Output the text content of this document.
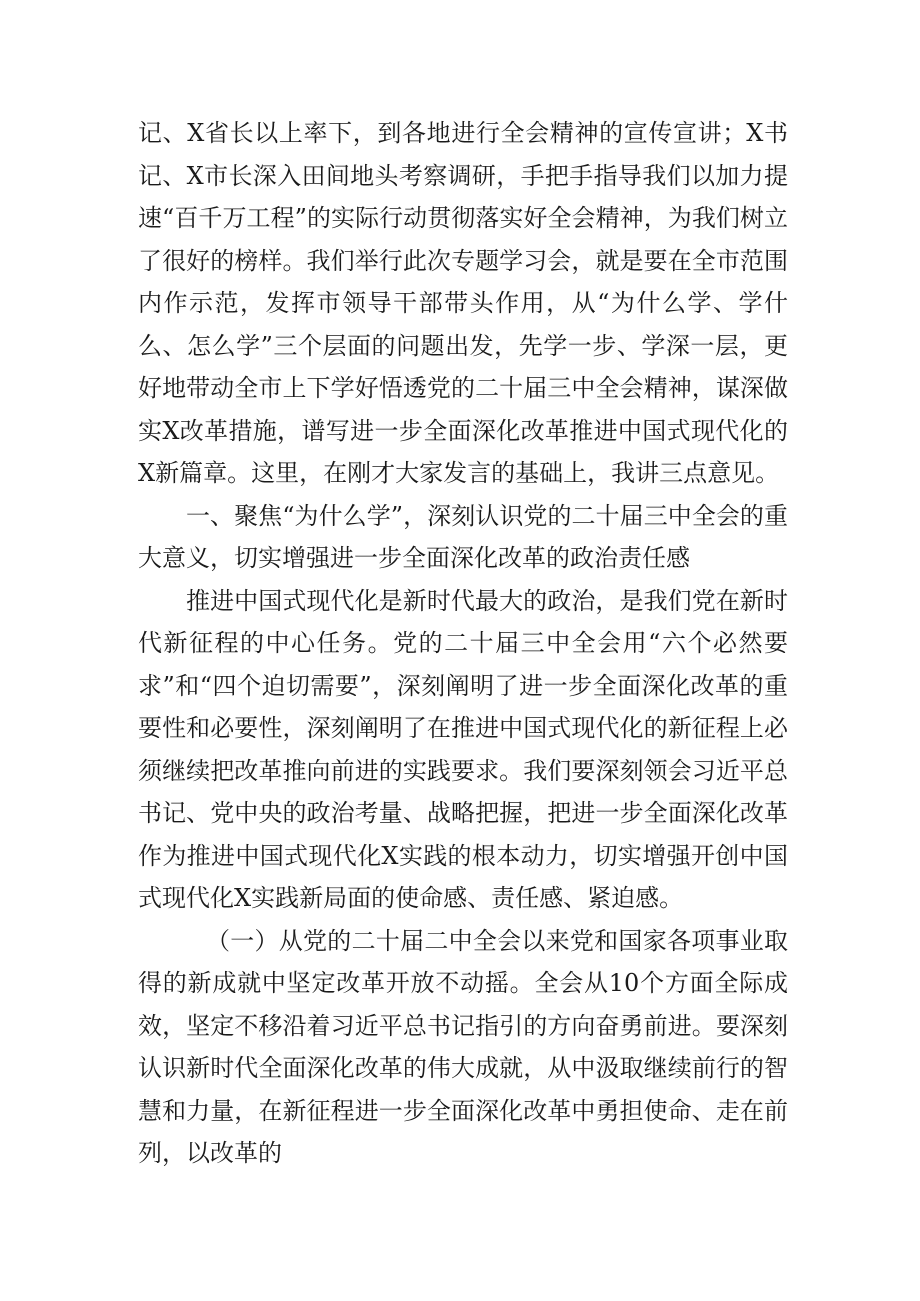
记、X省长以上率下，到各地进行全会精神的宣传宣讲；X书记、X市长深入田间地头考察调研，手把手指导我们以加力提速“百千万工程”的实际行动贯彻落实好全会精神，为我们树立了很好的榜样。我们举行此次专题学习会，就是要在全市范围内作示范，发挥市领导干部带头作用，从“为什么学、学什么、怎么学”三个层面的问题出发，先学一步、学深一层，更好地带动全市上下学好悟透党的二十届三中全会精神，谋深做实X改革措施，谱写进一步全面深化改革推进中国式现代化的X新篇章。这里，在刚才大家发言的基础上，我讲三点意见。

一、聚焦“为什么学”，深刻认识党的二十届三中全会的重大意义，切实增强进一步全面深化改革的政治责任感

推进中国式现代化是新时代最大的政治，是我们党在新时代新征程的中心任务。党的二十届三中全会用“六个必然要求”和“四个迫切需要”，深刻阐明了进一步全面深化改革的重要性和必要性，深刻阐明了在推进中国式现代化的新征程上必须继续把改革推向前进的实践要求。我们要深刻领会习近平总书记、党中央的政治考量、战略把握，把进一步全面深化改革作为推进中国式现代化X实践的根本动力，切实增强开创中国式现代化X实践新局面的使命感、责任感、紧迫感。

（一）从党的二十届二中全会以来党和国家各项事业取得的新成就中坚定改革开放不动摇。全会从10个方面全际成效，坚定不移沿着习近平总书记指引的方向奋勇前进。要深刻认识新时代全面深化改革的伟大成就，从中汲取继续前行的智慧和力量，在新征程进一步全面深化改革中勇担使命、走在前列，以改革的
